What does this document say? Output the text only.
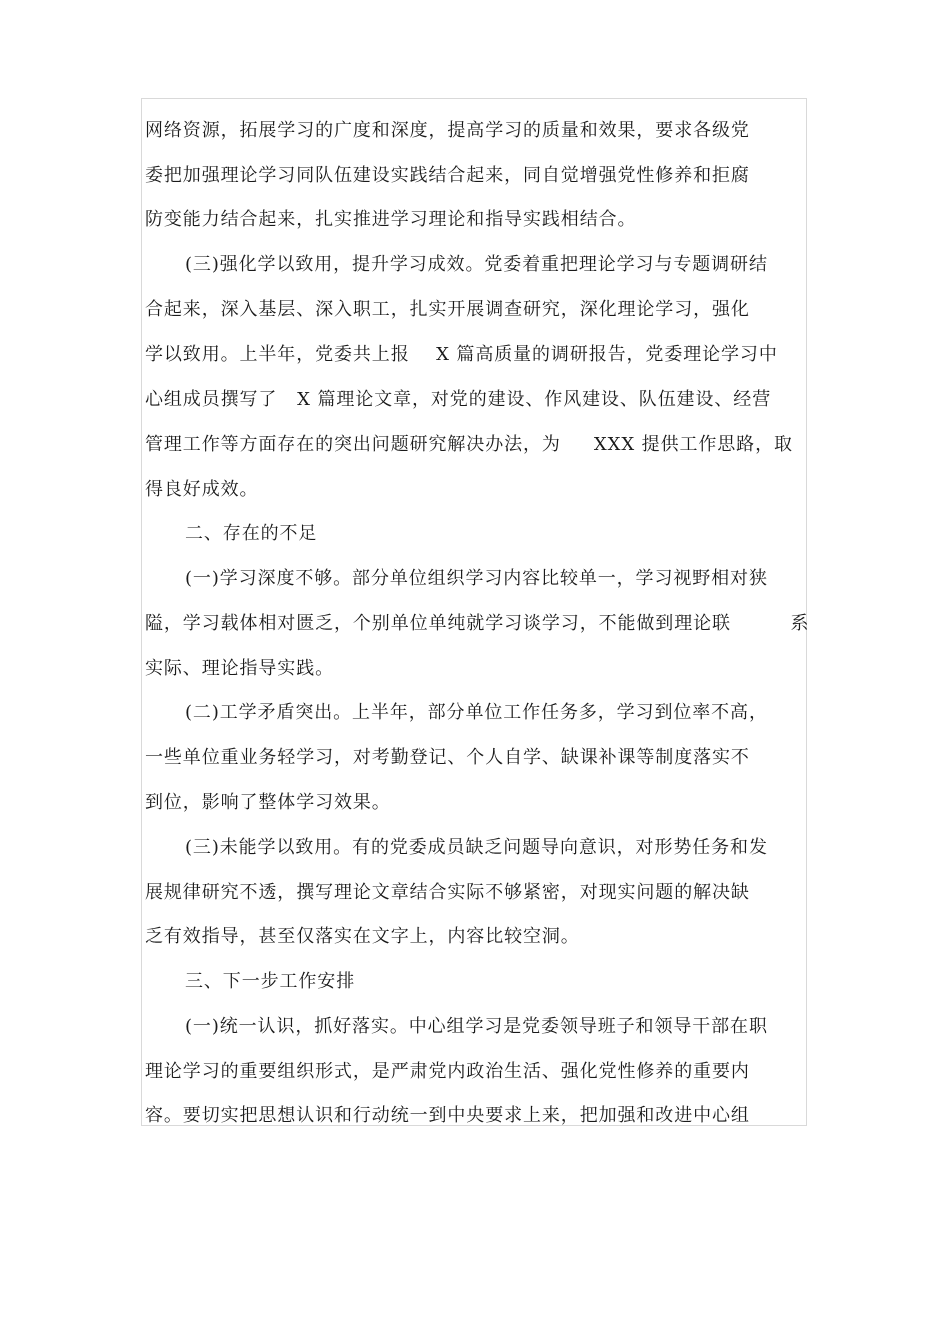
网络资源，拓展学习的广度和深度，提高学习的质量和效果，要求各级党
委把加强理论学习同队伍建设实践结合起来，同自觉增强党性修养和拒腐
防变能力结合起来，扎实推进学习理论和指导实践相结合。
(三)强化学以致用，提升学习成效。党委着重把理论学习与专题调研结
合起来，深入基层、深入职工，扎实开展调查研究，深化理论学习，强化
学以致用。上半年，党委共上报    X 篇高质量的调研报告，党委理论学习中
心组成员撰写了   X 篇理论文章，对党的建设、作风建设、队伍建设、经营
管理工作等方面存在的突出问题研究解决办法，为     XXX 提供工作思路，取
得良好成效。
二、存在的不足
(一)学习深度不够。部分单位组织学习内容比较单一，学习视野相对狭
隘，学习载体相对匮乏，个别单位单纯就学习谈学习，不能做到理论联         系
实际、理论指导实践。
(二)工学矛盾突出。上半年，部分单位工作任务多，学习到位率不高，
一些单位重业务轻学习，对考勤登记、个人自学、缺课补课等制度落实不
到位，影响了整体学习效果。
(三)未能学以致用。有的党委成员缺乏问题导向意识，对形势任务和发
展规律研究不透，撰写理论文章结合实际不够紧密，对现实问题的解决缺
乏有效指导，甚至仅落实在文字上，内容比较空洞。
三、下一步工作安排
(一)统一认识，抓好落实。中心组学习是党委领导班子和领导干部在职
理论学习的重要组织形式，是严肃党内政治生活、强化党性修养的重要内
容。要切实把思想认识和行动统一到中央要求上来，把加强和改进中心组
